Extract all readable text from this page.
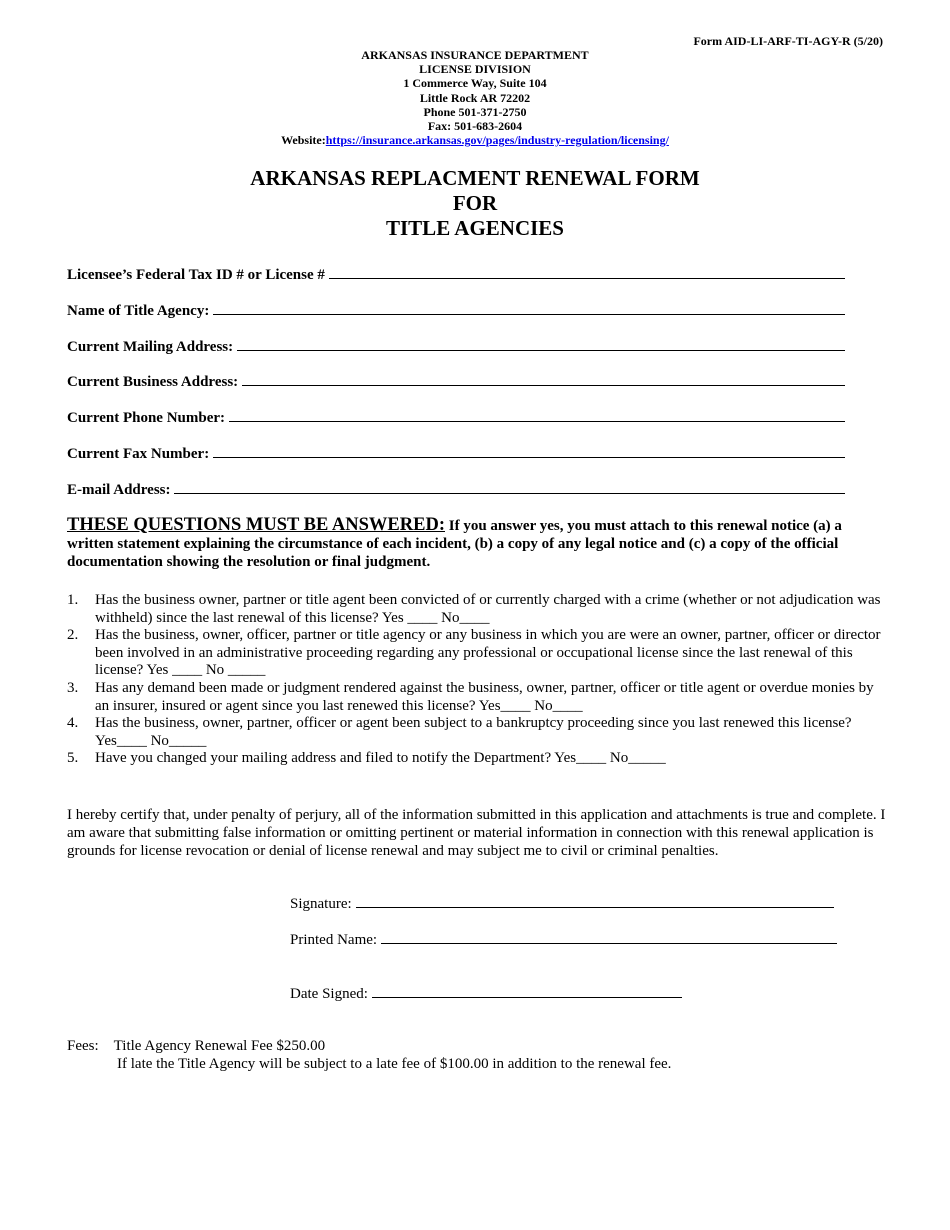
Form AID-LI-ARF-TI-AGY-R (5/20)
ARKANSAS INSURANCE DEPARTMENT
LICENSE DIVISION
1 Commerce Way, Suite 104
Little Rock AR 72202
Phone 501-371-2750
Fax: 501-683-2604
Website:https://insurance.arkansas.gov/pages/industry-regulation/licensing/
ARKANSAS REPLACMENT RENEWAL FORM
FOR
TITLE AGENCIES
Licensee’s Federal Tax ID # or License #
Name of Title Agency:
Current Mailing Address:
Current Business Address:
Current Phone Number:
Current Fax Number:
E-mail Address:
THESE QUESTIONS MUST BE ANSWERED: If you answer yes, you must attach to this renewal notice (a) a written statement explaining the circumstance of each incident, (b) a copy of any legal notice and (c) a copy of the official documentation showing the resolution or final judgment.
1.	Has the business owner, partner or title agent been convicted of or currently charged with a crime (whether or not adjudication was withheld) since the last renewal of this license? Yes ____ No____
2.	Has the business, owner, officer, partner or title agency or any business in which you are were an owner, partner, officer or director been involved in an administrative proceeding regarding any professional or occupational license since the last renewal of this license? Yes ____ No _____
3.	Has any demand been made or judgment rendered against the business, owner, partner, officer or title agent or overdue monies by an insurer, insured or agent since you last renewed this license? Yes____ No____
4.	Has the business, owner, partner, officer or agent been subject to a bankruptcy proceeding since you last renewed this license? Yes____ No_____
5.	Have you changed your mailing address and filed to notify the Department? Yes____ No_____
I hereby certify that, under penalty of perjury, all of the information submitted in this application and attachments is true and complete. I am aware that submitting false information or omitting pertinent or material information in connection with this renewal application is grounds for license revocation or denial of license renewal and may subject me to civil or criminal penalties.
Signature:
Printed Name:
Date Signed:
Fees: Title Agency Renewal Fee $250.00
If late the Title Agency will be subject to a late fee of $100.00 in addition to the renewal fee.
